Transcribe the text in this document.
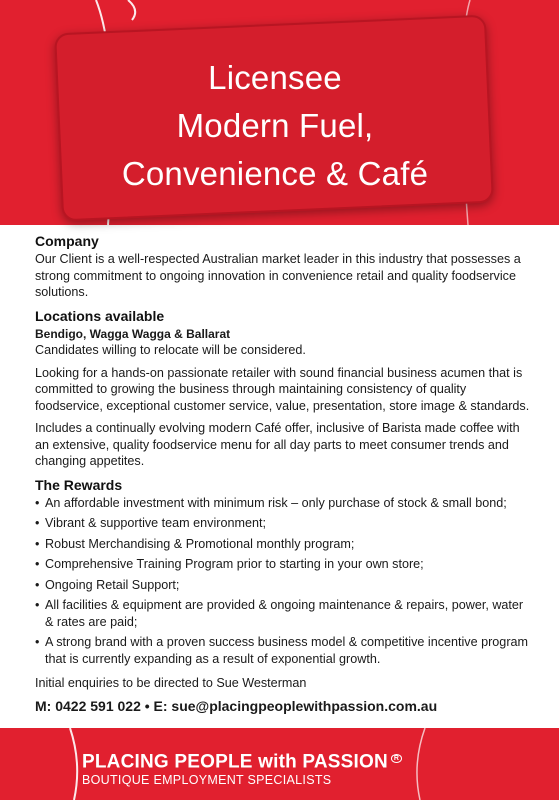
Licensee
Modern Fuel,
Convenience & Café
Company

Our Client is a well-respected Australian market leader in this industry that possesses a strong commitment to ongoing innovation in convenience retail and quality foodservice solutions.

Locations available

Bendigo, Wagga Wagga & Ballarat

Candidates willing to relocate will be considered.

Looking for a hands-on passionate retailer with sound financial business acumen that is committed to growing the business through maintaining consistency of quality foodservice, exceptional customer service, value, presentation, store image & standards.

Includes a continually evolving modern Café offer, inclusive of Barista made coffee with an extensive, quality foodservice menu for all day parts to meet consumer trends and changing appetites.

The Rewards
• An affordable investment with minimum risk – only purchase of stock & small bond;
• Vibrant & supportive team environment;
• Robust Merchandising & Promotional monthly program;
• Comprehensive Training Program prior to starting in your own store;
• Ongoing Retail Support;
• All facilities & equipment are provided & ongoing maintenance & repairs, power, water & rates are paid;
• A strong brand with a proven success business model & competitive incentive program that is currently expanding as a result of exponential growth.

Initial enquiries to be directed to Sue Westerman

M: 0422 591 022 • E: sue@placingpeoplewithpassion.com.au

PLACING PEOPLE with PASSION $^R$
BOUTIQUE EMPLOYMENT SPECIALISTS
